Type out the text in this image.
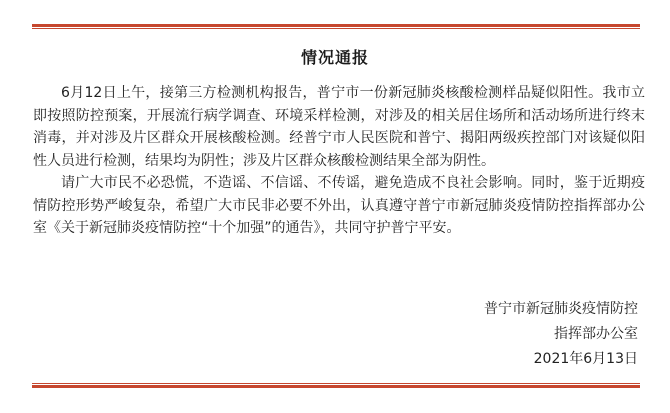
情况通报

6月12日上午，接第三方检测机构报告，普宁市一份新冠肺炎核酸检测样品疑似阳性。我市立即按照防控预案，开展流行病学调查、环境采样检测，对涉及的相关居住场所和活动场所进行终末消毒，并对涉及片区群众开展核酸检测。经普宁市人民医院和普宁、揭阳两级疾控部门对该疑似阳性人员进行检测，结果均为阴性；涉及片区群众核酸检测结果全部为阴性。

请广大市民不必恐慌，不造谣、不信谣、不传谣，避免造成不良社会影响。同时，鉴于近期疫情防控形势严峻复杂，希望广大市民非必要不外出，认真遵守普宁市新冠肺炎疫情防控指挥部办公室《关于新冠肺炎疫情防控“十个加强”的通告》，共同守护普宁平安。

普宁市新冠肺炎疫情防控
指挥部办公室
2021年6月13日
